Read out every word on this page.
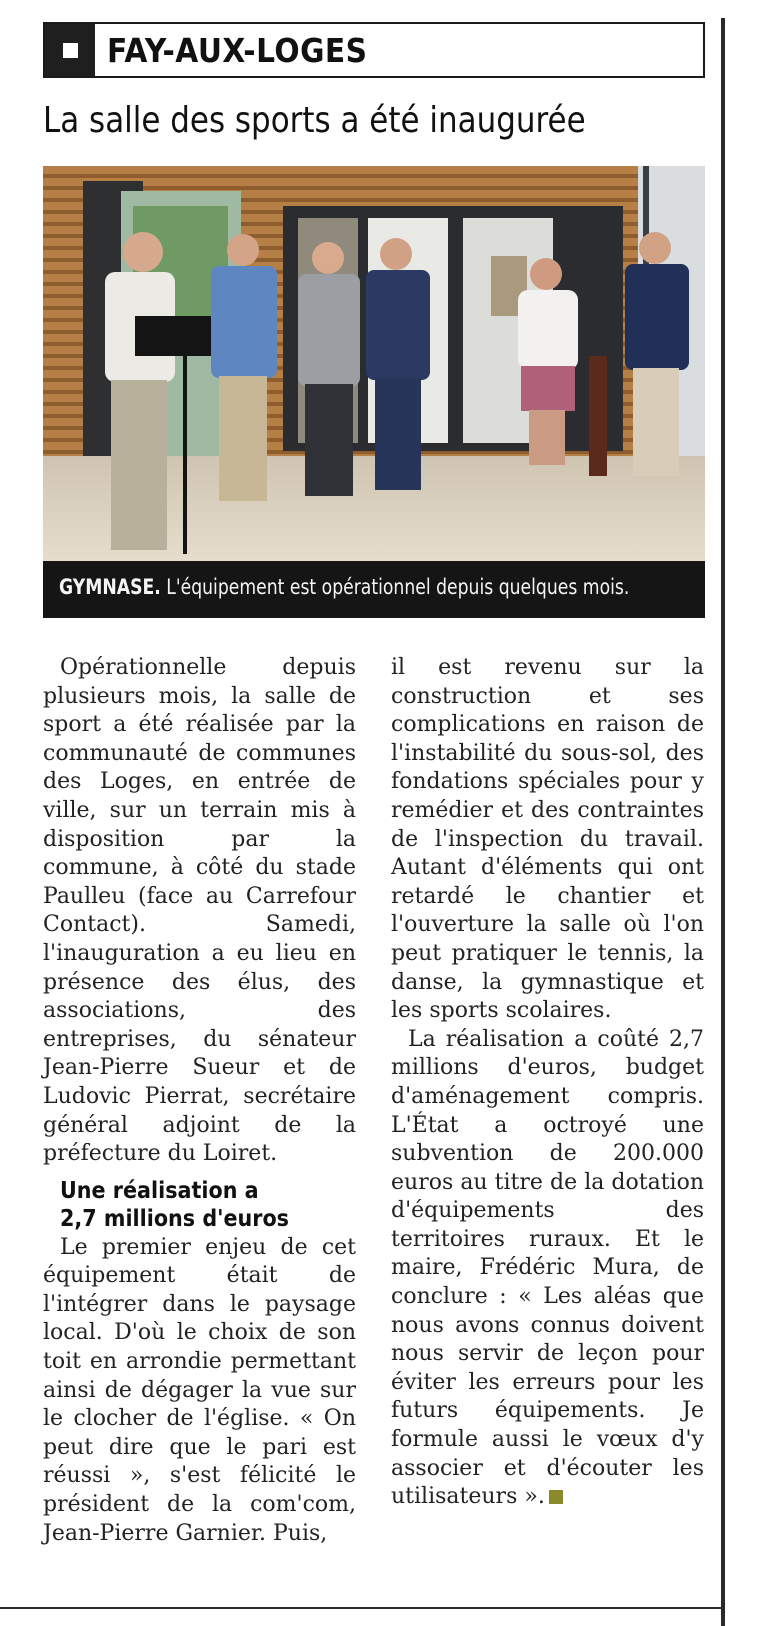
FAY-AUX-LOGES
La salle des sports a été inaugurée
GYMNASE. L'équipement est opérationnel depuis quelques mois.

Opérationnelle depuis plusieurs mois, la salle de sport a été réalisée par la communauté de communes des Loges, en entrée de ville, sur un terrain mis à disposition par la commune, à côté du stade Paulleu (face au Carrefour Contact). Samedi, l'inauguration a eu lieu en présence des élus, des associations, des entreprises, du sénateur Jean-Pierre Sueur et de Ludovic Pierrat, secrétaire général adjoint de la préfecture du Loiret.

Une réalisation a
2,7 millions d'euros

Le premier enjeu de cet équipement était de l'intégrer dans le paysage local. D'où le choix de son toit en arrondie permettant ainsi de dégager la vue sur le clocher de l'église. « On peut dire que le pari est réussi », s'est félicité le président de la com'com, Jean-Pierre Garnier. Puis,

il est revenu sur la construction et ses complications en raison de l'instabilité du sous-sol, des fondations spéciales pour y remédier et des contraintes de l'inspection du travail. Autant d'éléments qui ont retardé le chantier et l'ouverture la salle où l'on peut pratiquer le tennis, la danse, la gymnastique et les sports scolaires.

La réalisation a coûté 2,7 millions d'euros, budget d'aménagement compris. L'État a octroyé une subvention de 200.000 euros au titre de la dotation d'équipements des territoires ruraux. Et le maire, Frédéric Mura, de conclure : « Les aléas que nous avons connus doivent nous servir de leçon pour éviter les erreurs pour les futurs équipements. Je formule aussi le vœux d'y associer et d'écouter les utilisateurs ».
